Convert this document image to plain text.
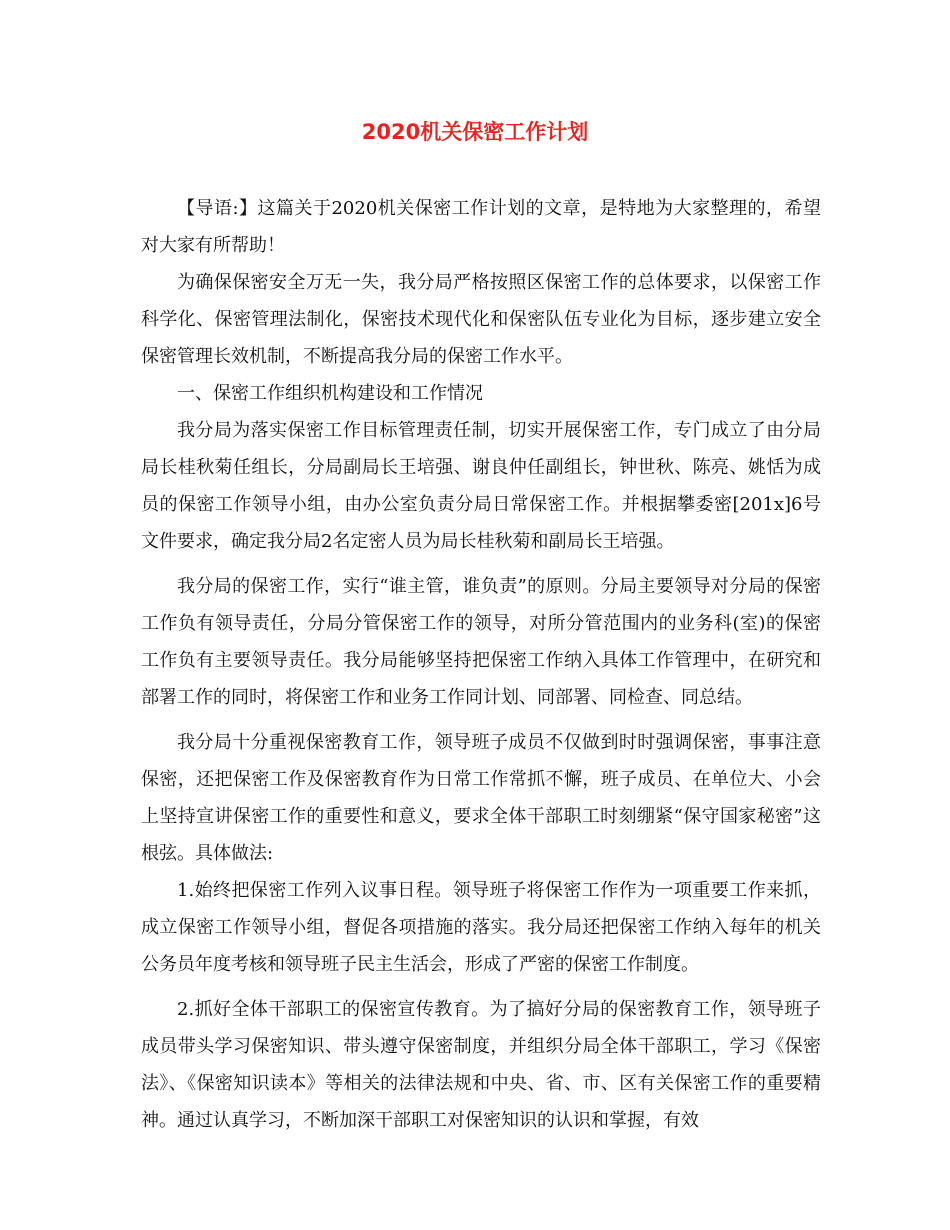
2020机关保密工作计划

【导语:】这篇关于2020机关保密工作计划的文章，是特地为大家整理的，希望对大家有所帮助！

为确保保密安全万无一失，我分局严格按照区保密工作的总体要求，以保密工作科学化、保密管理法制化，保密技术现代化和保密队伍专业化为目标，逐步建立安全保密管理长效机制，不断提高我分局的保密工作水平。

一、保密工作组织机构建设和工作情况

我分局为落实保密工作目标管理责任制，切实开展保密工作，专门成立了由分局局长桂秋菊任组长，分局副局长王培强、谢良仲任副组长，钟世秋、陈亮、姚恬为成员的保密工作领导小组，由办公室负责分局日常保密工作。并根据攀委密[201x]6号文件要求，确定我分局2名定密人员为局长桂秋菊和副局长王培强。

我分局的保密工作，实行“谁主管，谁负责”的原则。分局主要领导对分局的保密工作负有领导责任，分局分管保密工作的领导，对所分管范围内的业务科(室)的保密工作负有主要领导责任。我分局能够坚持把保密工作纳入具体工作管理中，在研究和部署工作的同时，将保密工作和业务工作同计划、同部署、同检查、同总结。

我分局十分重视保密教育工作，领导班子成员不仅做到时时强调保密，事事注意保密，还把保密工作及保密教育作为日常工作常抓不懈，班子成员、在单位大、小会上坚持宣讲保密工作的重要性和意义，要求全体干部职工时刻绷紧“保守国家秘密”这根弦。具体做法:

1.始终把保密工作列入议事日程。领导班子将保密工作作为一项重要工作来抓，成立保密工作领导小组，督促各项措施的落实。我分局还把保密工作纳入每年的机关公务员年度考核和领导班子民主生活会，形成了严密的保密工作制度。

2.抓好全体干部职工的保密宣传教育。为了搞好分局的保密教育工作，领导班子成员带头学习保密知识、带头遵守保密制度，并组织分局全体干部职工，学习《保密法》、《保密知识读本》等相关的法律法规和中央、省、市、区有关保密工作的重要精神。通过认真学习，不断加深干部职工对保密知识的认识和掌握，有效
